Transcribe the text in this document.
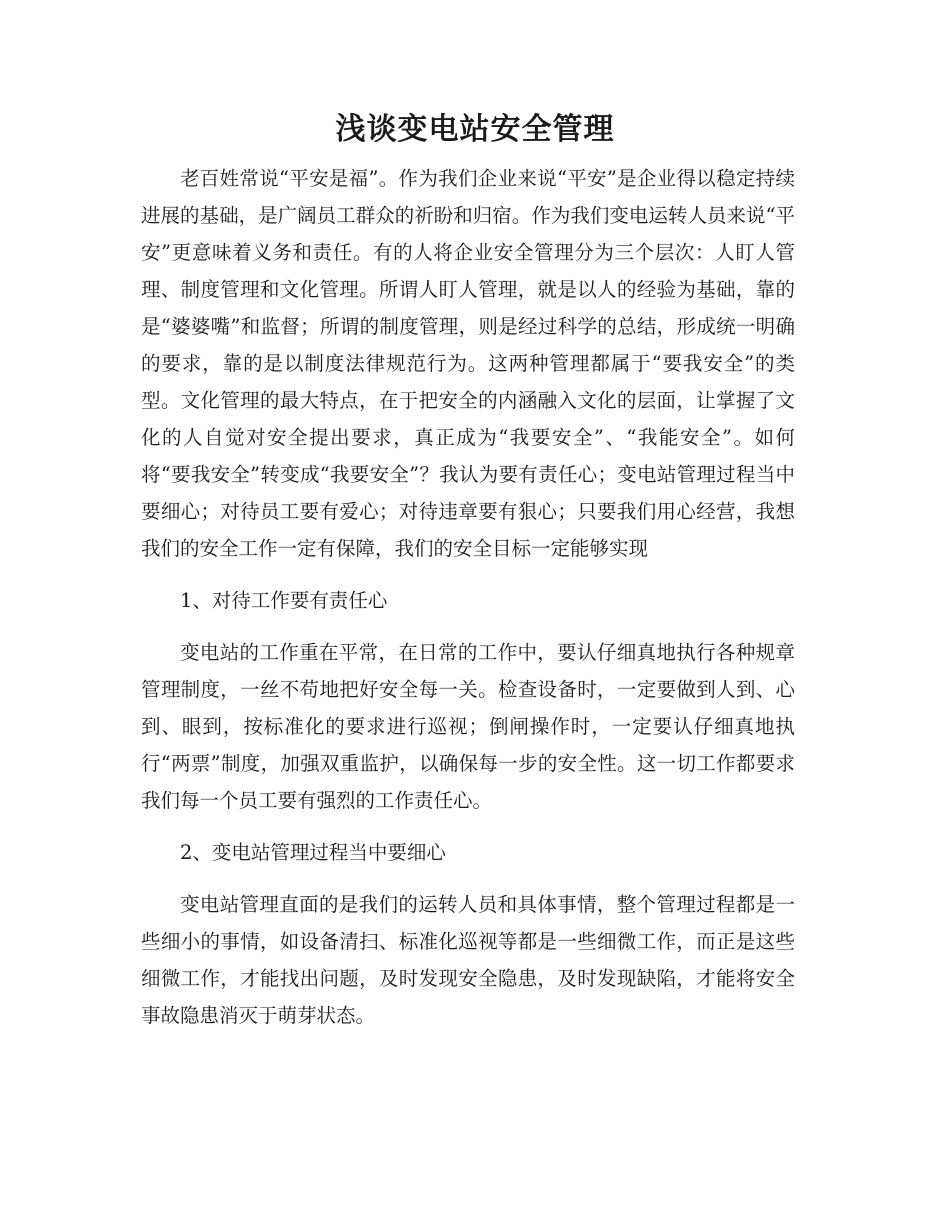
浅谈变电站安全管理

老百姓常说“平安是福”。作为我们企业来说“平安”是企业得以稳定持续进展的基础，是广阔员工群众的祈盼和归宿。作为我们变电运转人员来说“平安”更意味着义务和责任。有的人将企业安全管理分为三个层次：人盯人管理、制度管理和文化管理。所谓人盯人管理，就是以人的经验为基础，靠的是“婆婆嘴”和监督；所谓的制度管理，则是经过科学的总结，形成统一明确的要求，靠的是以制度法律规范行为。这两种管理都属于“要我安全”的类型。文化管理的最大特点，在于把安全的内涵融入文化的层面，让掌握了文化的人自觉对安全提出要求，真正成为“我要安全”、“我能安全”。如何将“要我安全”转变成“我要安全”？我认为要有责任心；变电站管理过程当中要细心；对待员工要有爱心；对待违章要有狠心；只要我们用心经营，我想我们的安全工作一定有保障，我们的安全目标一定能够实现

1、对待工作要有责任心

变电站的工作重在平常，在日常的工作中，要认仔细真地执行各种规章管理制度，一丝不苟地把好安全每一关。检查设备时，一定要做到人到、心到、眼到，按标准化的要求进行巡视；倒闸操作时，一定要认仔细真地执行“两票”制度，加强双重监护，以确保每一步的安全性。这一切工作都要求我们每一个员工要有强烈的工作责任心。

2、变电站管理过程当中要细心

变电站管理直面的是我们的运转人员和具体事情，整个管理过程都是一些细小的事情，如设备清扫、标准化巡视等都是一些细微工作，而正是这些细微工作，才能找出问题，及时发现安全隐患，及时发现缺陷，才能将安全事故隐患消灭于萌芽状态。
